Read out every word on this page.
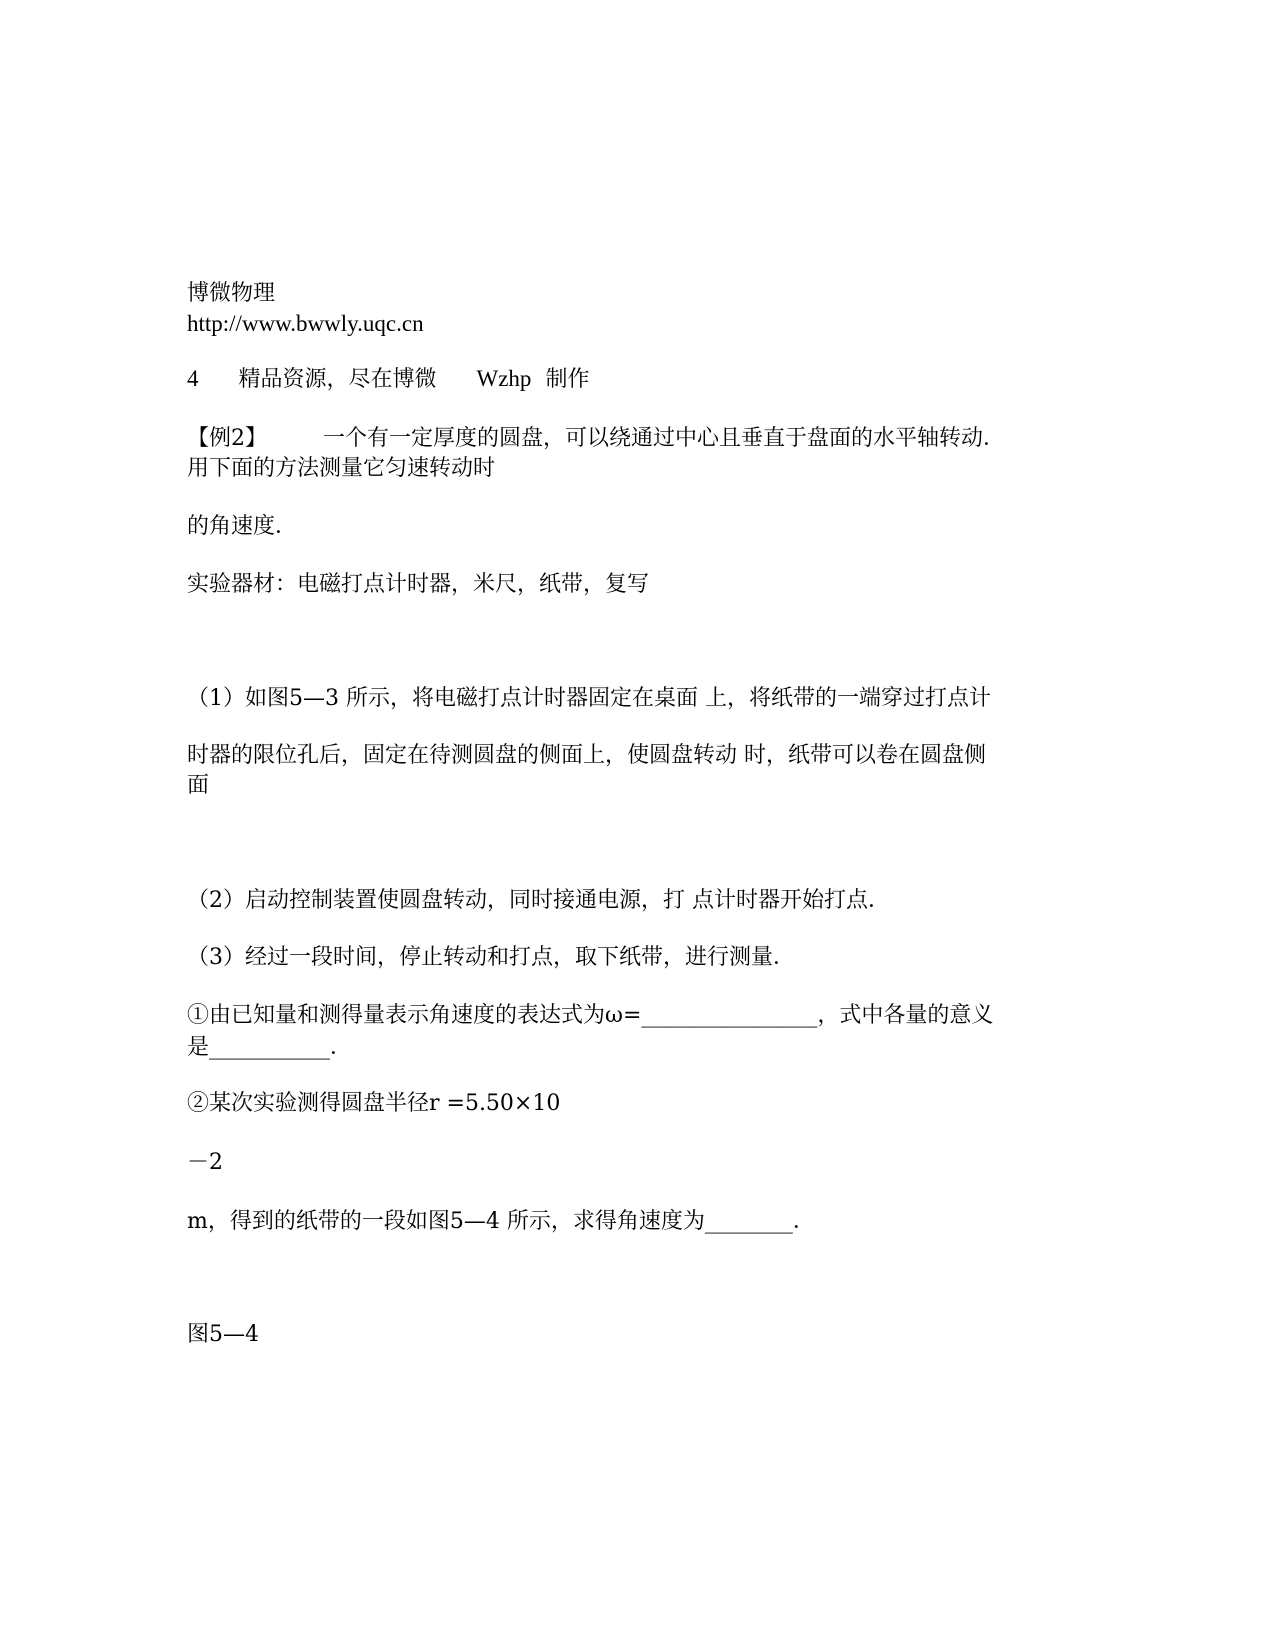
博微物理
http://www.bwwly.uqc.cn
4 精品资源，尽在博微 Wzhp 制作
【例2】	一个有一定厚度的圆盘，可以绕通过中心且垂直于盘面的水平轴转动．
用下面的方法测量它匀速转动时
的角速度．
实验器材：电磁打点计时器，米尺，纸带，复写
（1）如图5—3 所示，将电磁打点计时器固定在桌面 上，将纸带的一端穿过打点计
时器的限位孔后，固定在待测圆盘的侧面上，使圆盘转动 时，纸带可以卷在圆盘侧
面
（2）启动控制装置使圆盘转动，同时接通电源，打 点计时器开始打点．
（3）经过一段时间，停止转动和打点，取下纸带，进行测量．
①由已知量和测得量表示角速度的表达式为ω=________________，式中各量的意义
是___________．
②某次实验测得圆盘半径r =5.50×10
－2
m，得到的纸带的一段如图5—4 所示，求得角速度为________．
图5—4
